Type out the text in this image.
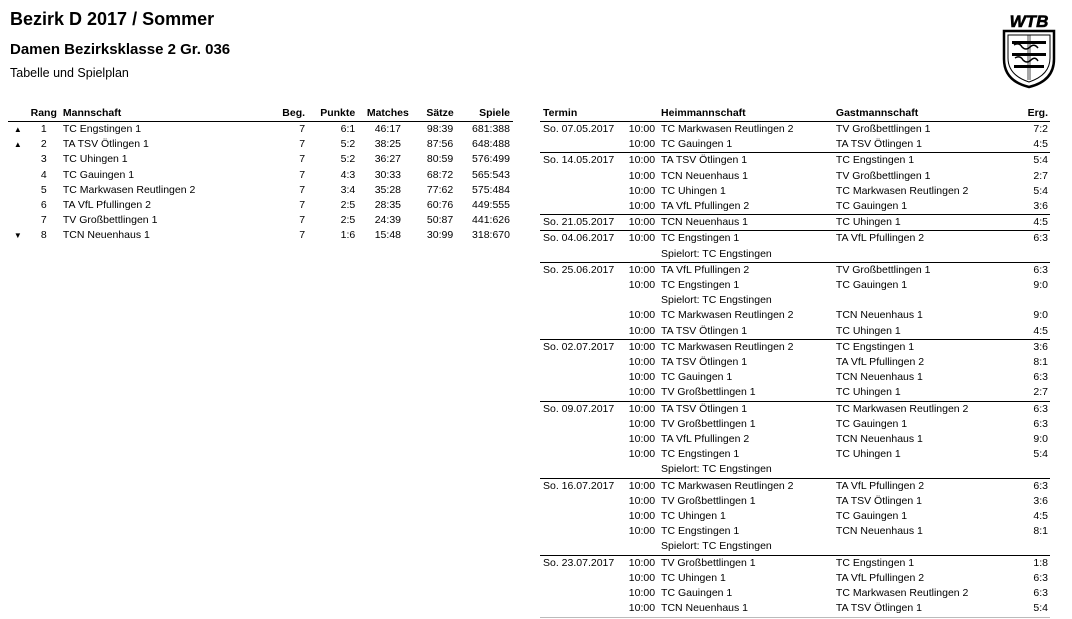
Bezirk D 2017 / Sommer
Damen Bezirksklasse 2 Gr. 036

Tabelle und Spielplan

WTB
	Rang	Mannschaft	Beg.	Punkte	Matches	Sätze	Spiele
▲	1	TC Engstingen 1	7	6:1	46:17	98:39	681:388
▲	2	TA TSV Ötlingen 1	7	5:2	38:25	87:56	648:488
	3	TC Uhingen 1	7	5:2	36:27	80:59	576:499
	4	TC Gauingen 1	7	4:3	30:33	68:72	565:543
	5	TC Markwasen Reutlingen 2	7	3:4	35:28	77:62	575:484
	6	TA VfL Pfullingen 2	7	2:5	28:35	60:76	449:555
	7	TV Großbettlingen 1	7	2:5	24:39	50:87	441:626
▼	8	TCN Neuenhaus 1	7	1:6	15:48	30:99	318:670
Termin		Heimmannschaft	Gastmannschaft	Erg.
So. 07.05.2017	10:00	TC Markwasen Reutlingen 2	TV Großbettlingen 1	7:2
	10:00	TC Gauingen 1	TA TSV Ötlingen 1	4:5
So. 14.05.2017	10:00	TA TSV Ötlingen 1	TC Engstingen 1	5:4
	10:00	TCN Neuenhaus 1	TV Großbettlingen 1	2:7
	10:00	TC Uhingen 1	TC Markwasen Reutlingen 2	5:4
	10:00	TA VfL Pfullingen 2	TC Gauingen 1	3:6
So. 21.05.2017	10:00	TCN Neuenhaus 1	TC Uhingen 1	4:5
So. 04.06.2017	10:00	TC Engstingen 1	TA VfL Pfullingen 2	6:3
		Spielort: TC Engstingen		
So. 25.06.2017	10:00	TA VfL Pfullingen 2	TV Großbettlingen 1	6:3
	10:00	TC Engstingen 1	TC Gauingen 1	9:0
		Spielort: TC Engstingen		
	10:00	TC Markwasen Reutlingen 2	TCN Neuenhaus 1	9:0
	10:00	TA TSV Ötlingen 1	TC Uhingen 1	4:5
So. 02.07.2017	10:00	TC Markwasen Reutlingen 2	TC Engstingen 1	3:6
	10:00	TA TSV Ötlingen 1	TA VfL Pfullingen 2	8:1
	10:00	TC Gauingen 1	TCN Neuenhaus 1	6:3
	10:00	TV Großbettlingen 1	TC Uhingen 1	2:7
So. 09.07.2017	10:00	TA TSV Ötlingen 1	TC Markwasen Reutlingen 2	6:3
	10:00	TV Großbettlingen 1	TC Gauingen 1	6:3
	10:00	TA VfL Pfullingen 2	TCN Neuenhaus 1	9:0
	10:00	TC Engstingen 1	TC Uhingen 1	5:4
		Spielort: TC Engstingen		
So. 16.07.2017	10:00	TC Markwasen Reutlingen 2	TA VfL Pfullingen 2	6:3
	10:00	TV Großbettlingen 1	TA TSV Ötlingen 1	3:6
	10:00	TC Uhingen 1	TC Gauingen 1	4:5
	10:00	TC Engstingen 1	TCN Neuenhaus 1	8:1
		Spielort: TC Engstingen		
So. 23.07.2017	10:00	TV Großbettlingen 1	TC Engstingen 1	1:8
	10:00	TC Uhingen 1	TA VfL Pfullingen 2	6:3
	10:00	TC Gauingen 1	TC Markwasen Reutlingen 2	6:3
	10:00	TCN Neuenhaus 1	TA TSV Ötlingen 1	5:4
